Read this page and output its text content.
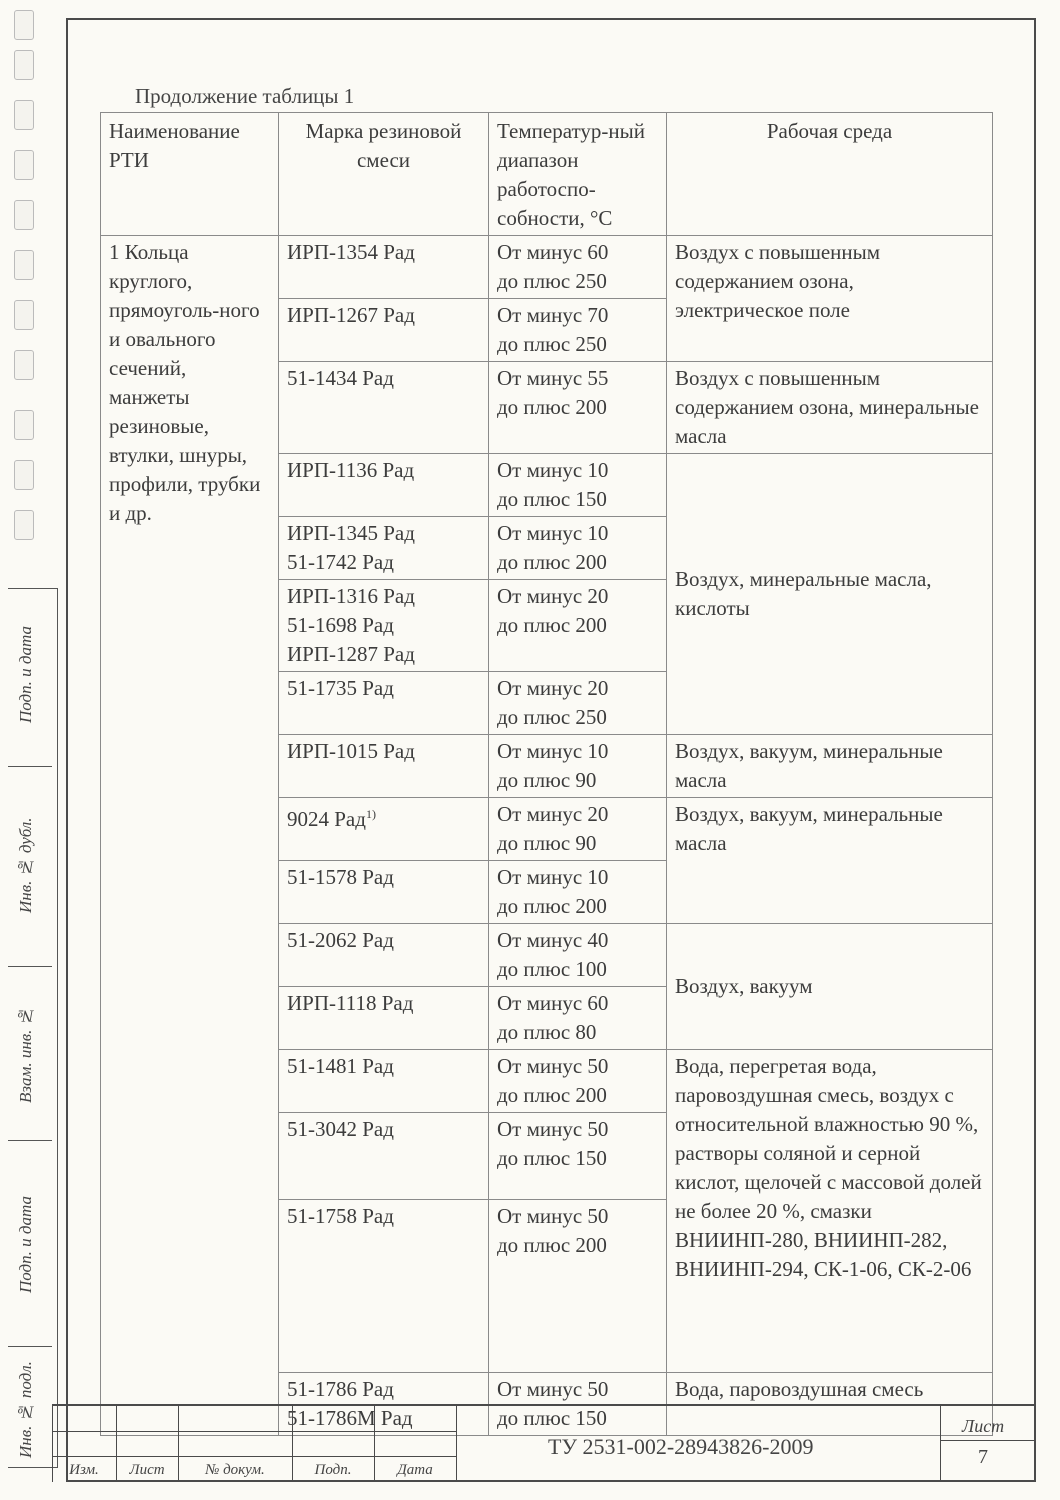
Продолжение таблицы 1
Наименование РТИ	Марка резиновой смеси	Температур-ный диапазон работоспо-собности, °С	Рабочая среда
1 Кольца круглого, прямоуголь-ного и овального сечений, манжеты резиновые, втулки, шнуры, профили, трубки и др.	ИРП-1354 Рад	От минус 60
до плюс 250	Воздух с повышенным содержанием озона, электрическое поле

	ИРП-1267 Рад	От минус 70
до плюс 250	

	51-1434 Рад	От минус 55
до плюс 200	Воздух с повышенным содержанием озона, минеральные масла

	ИРП-1136 Рад	От минус 10
до плюс 150	Воздух, минеральные масла, кислоты

	ИРП-1345 Рад
51-1742 Рад	От минус 10
до плюс 200	

	ИРП-1316 Рад
51-1698 Рад
ИРП-1287 Рад	От минус 20
до плюс 200	

	51-1735 Рад	От минус 20
до плюс 250	

	ИРП-1015 Рад	От минус 10
до плюс 90	Воздух, вакуум, минеральные масла
	9024 Рад$^{1)}$	От минус 20
до плюс 90	Воздух, вакуум, минеральные масла

	51-1578 Рад	От минус 10
до плюс 200	

	51-2062 Рад	От минус 40
до плюс 100	Воздух, вакуум

	ИРП-1118 Рад	От минус 60
до плюс 80	

	51-1481 Рад	От минус 50
до плюс 200	Вода, перегретая вода, паровоздушная смесь, воздух с относительной влажностью 90 %, растворы соляной и серной кислот, щелочей с массовой долей не более 20 %, смазки ВНИИНП-280, ВНИИНП-282, ВНИИНП-294, СК-1-06, СК-2-06

	51-3042 Рад	От минус 50
до плюс 150	

	51-1758 Рад	От минус 50
до плюс 200	

	51-1786 Рад
51-1786М Рад	От минус 50
до плюс 150	Вода, паровоздушная смесь
Инв. № подл.
Подп. и дата
Взам. инв. №
Инв. № дубл.
Подп. и дата
Изм.	Лист	№ докум.	Подп.	Дата
ТУ 2531-002-28943826-2009
Лист
7
